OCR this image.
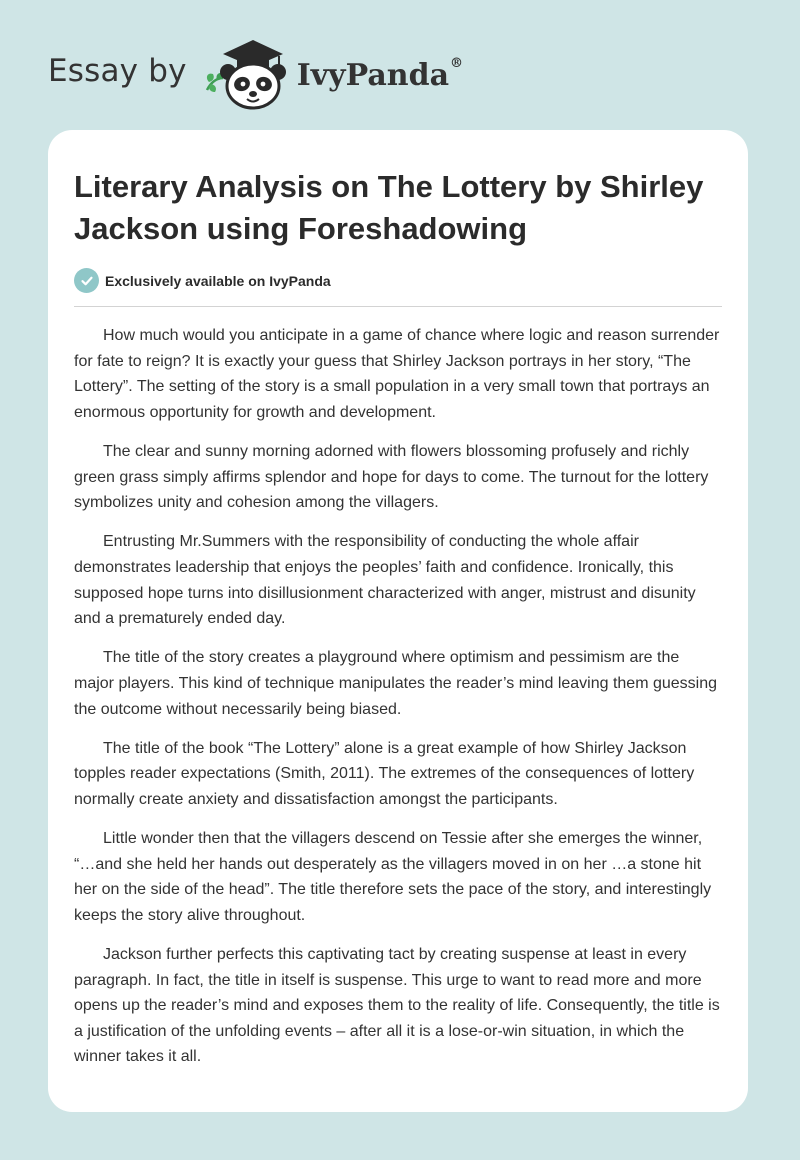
Essay by	IvyPanda®
Literary Analysis on The Lottery by Shirley Jackson using Foreshadowing
Exclusively available on IvyPanda

How much would you anticipate in a game of chance where logic and reason surrender for fate to reign? It is exactly your guess that Shirley Jackson portrays in her story, “The Lottery”. The setting of the story is a small population in a very small town that portrays an enormous opportunity for growth and development.

The clear and sunny morning adorned with flowers blossoming profusely and richly green grass simply affirms splendor and hope for days to come. The turnout for the lottery symbolizes unity and cohesion among the villagers.

Entrusting Mr.Summers with the responsibility of conducting the whole affair demonstrates leadership that enjoys the peoples’ faith and confidence. Ironically, this supposed hope turns into disillusionment characterized with anger, mistrust and disunity and a prematurely ended day.

The title of the story creates a playground where optimism and pessimism are the major players. This kind of technique manipulates the reader’s mind leaving them guessing the outcome without necessarily being biased.

The title of the book “The Lottery” alone is a great example of how Shirley Jackson topples reader expectations (Smith, 2011). The extremes of the consequences of lottery normally create anxiety and dissatisfaction amongst the participants.

Little wonder then that the villagers descend on Tessie after she emerges the winner, “…and she held her hands out desperately as the villagers moved in on her …a stone hit her on the side of the head”. The title therefore sets the pace of the story, and interestingly keeps the story alive throughout.

Jackson further perfects this captivating tact by creating suspense at least in every paragraph. In fact, the title in itself is suspense. This urge to want to read more and more opens up the reader’s mind and exposes them to the reality of life. Consequently, the title is a justification of the unfolding events – after all it is a lose-or-win situation, in which the winner takes it all.
